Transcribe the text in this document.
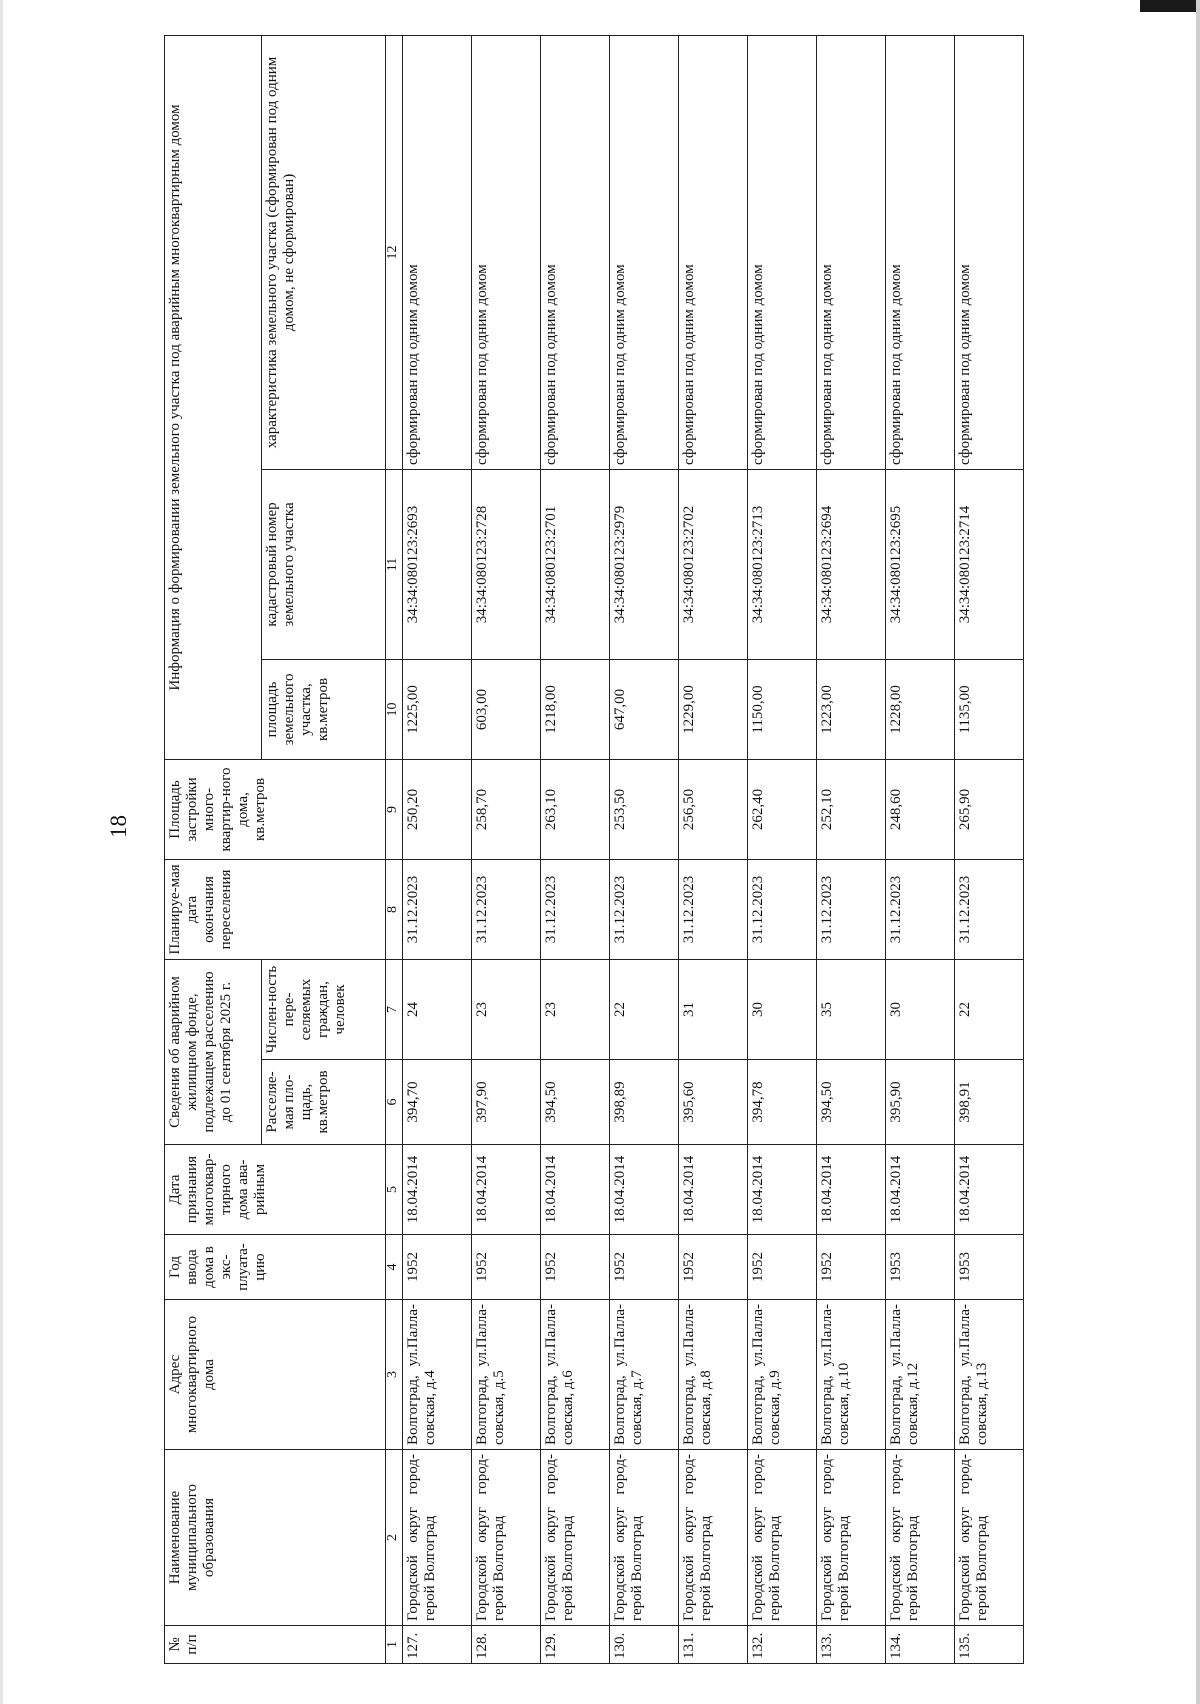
18
№ п/п	Наименование муниципального образования	Адрес многоквартирного дома	Год ввода дома в экс-плуата-цию	Дата признания многоквар-тирного дома ава-рийным	Сведения об аварийном жилищном фонде, подлежащем расселению до 01 сентября 2025 г.		Планируе-мая дата окончания переселения	Площадь застройки много-квартир-ного дома, кв.метров	Информация о формировании земельного участка под аварийным многоквартирным домом		
					Расселяе-мая пло-щадь, кв.метров	Числен-ность пере-селяемых граждан, человек			площадь земельного участка, кв.метров	кадастровый номер земельного участка	характеристика земельного участка (сформирован под одним домом, не сформирован)
1	2	3	4	5	6	7	8	9	10	11	12
127.	Городской округ город-герой Волгоград	Волгоград, ул.Палла-совская, д.4	1952	18.04.2014	394,70	24	31.12.2023	250,20	1225,00	34:34:080123:2693	сформирован под одним домом
128.	Городской округ город-герой Волгоград	Волгоград, ул.Палла-совская, д.5	1952	18.04.2014	397,90	23	31.12.2023	258,70	603,00	34:34:080123:2728	сформирован под одним домом
129.	Городской округ город-герой Волгоград	Волгоград, ул.Палла-совская, д.6	1952	18.04.2014	394,50	23	31.12.2023	263,10	1218,00	34:34:080123:2701	сформирован под одним домом
130.	Городской округ город-герой Волгоград	Волгоград, ул.Палла-совская, д.7	1952	18.04.2014	398,89	22	31.12.2023	253,50	647,00	34:34:080123:2979	сформирован под одним домом
131.	Городской округ город-герой Волгоград	Волгоград, ул.Палла-совская, д.8	1952	18.04.2014	395,60	31	31.12.2023	256,50	1229,00	34:34:080123:2702	сформирован под одним домом
132.	Городской округ город-герой Волгоград	Волгоград, ул.Палла-совская, д.9	1952	18.04.2014	394,78	30	31.12.2023	262,40	1150,00	34:34:080123:2713	сформирован под одним домом
133.	Городской округ город-герой Волгоград	Волгоград, ул.Палла-совская, д.10	1952	18.04.2014	394,50	35	31.12.2023	252,10	1223,00	34:34:080123:2694	сформирован под одним домом
134.	Городской округ город-герой Волгоград	Волгоград, ул.Палла-совская, д.12	1953	18.04.2014	395,90	30	31.12.2023	248,60	1228,00	34:34:080123:2695	сформирован под одним домом
135.	Городской округ город-герой Волгоград	Волгоград, ул.Палла-совская, д.13	1953	18.04.2014	398,91	22	31.12.2023	265,90	1135,00	34:34:080123:2714	сформирован под одним домом
